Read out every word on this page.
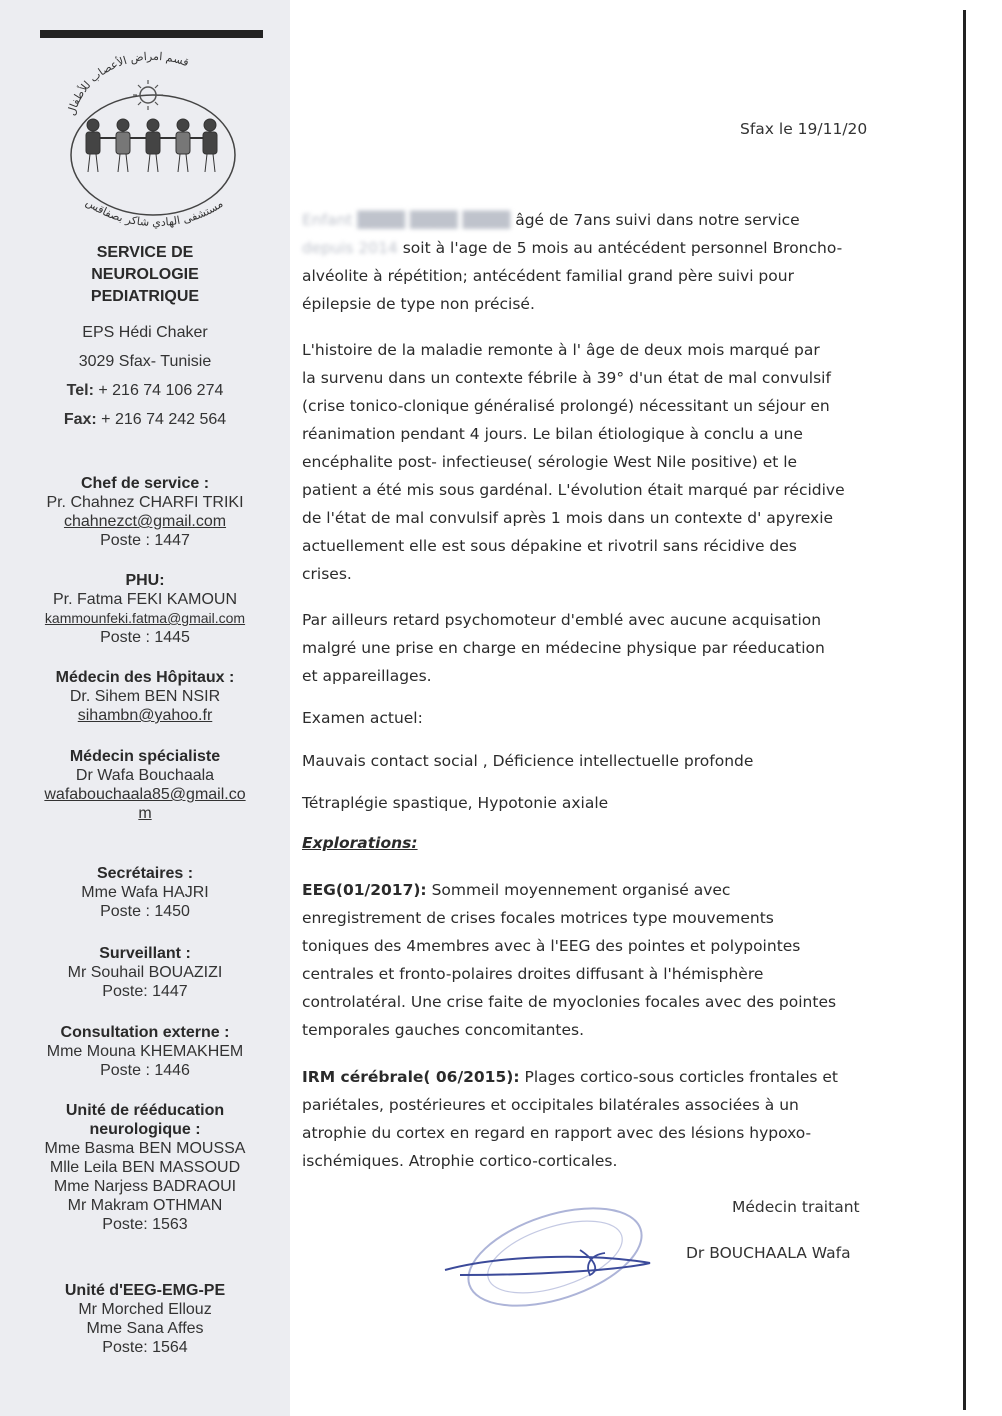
قسم امراض الأعصاب للأطفال
مستشفى الهادي شاكر بصفاقس
SERVICE DE
NEUROLOGIE
PEDIATRIQUE
EPS Hédi Chaker
3029 Sfax- Tunisie
Tel: + 216 74 106 274
Fax: + 216 74 242 564
Chef de service :
Pr. Chahnez CHARFI TRIKI
chahnezct@gmail.com
Poste : 1447
PHU:
Pr. Fatma FEKI KAMOUN
kammounfeki.fatma@gmail.com
Poste : 1445
Médecin des Hôpitaux :
Dr. Sihem BEN NSIR
sihambn@yahoo.fr
Médecin spécialiste
Dr Wafa Bouchaala
wafabouchaala85@gmail.co
m
Secrétaires :
Mme Wafa HAJRI
Poste : 1450
Surveillant :
Mr Souhail BOUAZIZI
Poste: 1447
Consultation externe :
Mme Mouna KHEMAKHEM
Poste : 1446
Unité de rééducation
neurologique :
Mme Basma BEN MOUSSA
Mlle Leila BEN MASSOUD
Mme Narjess BADRAOUI
Mr Makram OTHMAN
Poste: 1563
Unité d'EEG-EMG-PE
Mr Morched Ellouz
Mme Sana Affes
Poste: 1564
Sfax le 19/11/20
Enfant ████ ████ ████ âgé de 7ans suivi dans notre service
depuis 2014 soit à l'age de 5 mois au antécédent personnel Broncho-
alvéolite à répétition; antécédent familial grand père suivi pour
épilepsie de type non précisé.
L'histoire de la maladie remonte à l' âge de deux mois marqué par
la survenu dans un contexte fébrile à 39° d'un état de mal convulsif
(crise tonico-clonique généralisé prolongé) nécessitant un séjour en
réanimation pendant 4 jours. Le bilan étiologique à conclu a une
encéphalite post- infectieuse( sérologie West Nile positive) et le
patient a été mis sous gardénal. L'évolution était marqué par récidive
de l'état de mal convulsif après 1 mois dans un contexte d' apyrexie
actuellement elle est sous dépakine et rivotril sans récidive des
crises.
Par ailleurs retard psychomoteur d'emblé avec aucune acquisation
malgré une prise en charge en médecine physique par réeducation
et appareillages.
Examen actuel:
Mauvais contact social , Déficience intellectuelle profonde
Tétraplégie spastique, Hypotonie axiale
Explorations:
EEG(01/2017): Sommeil moyennement organisé avec
enregistrement de crises focales motrices type mouvements
toniques des 4membres avec à l'EEG des pointes et polypointes
centrales et fronto-polaires droites diffusant à l'hémisphère
controlatéral. Une crise faite de myoclonies focales avec des pointes
temporales gauches concomitantes.
IRM cérébrale( 06/2015): Plages cortico-sous corticles frontales et
pariétales, postérieures et occipitales bilatérales associées à un
atrophie du cortex en regard en rapport avec des lésions hypoxo-
ischémiques. Atrophie cortico-corticales.
Médecin traitant
Dr BOUCHAALA Wafa
